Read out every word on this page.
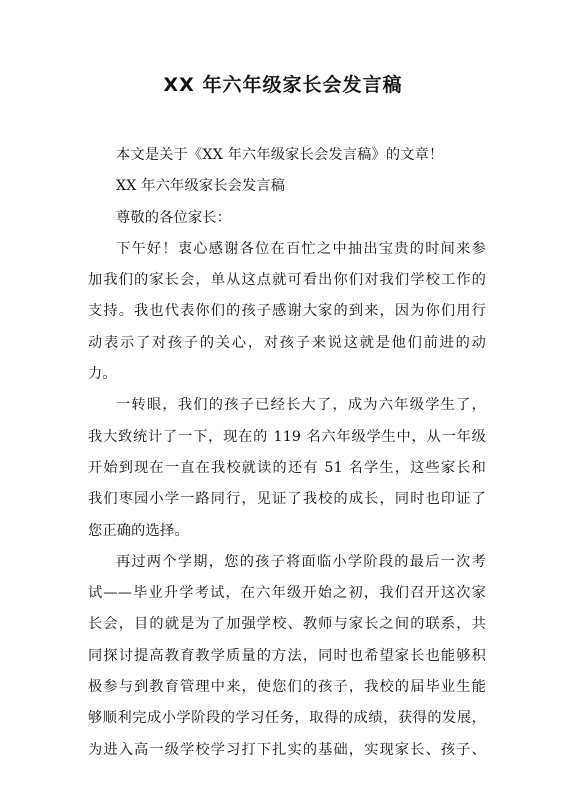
XX 年六年级家长会发言稿
本文是关于《XX 年六年级家长会发言稿》的文章！
XX 年六年级家长会发言稿
尊敬的各位家长：
下午好！衷心感谢各位在百忙之中抽出宝贵的时间来参
加我们的家长会，单从这点就可看出你们对我们学校工作的
支持。我也代表你们的孩子感谢大家的到来，因为你们用行
动表示了对孩子的关心，对孩子来说这就是他们前进的动
力。
一转眼，我们的孩子已经长大了，成为六年级学生了，
我大致统计了一下，现在的 119 名六年级学生中，从一年级
开始到现在一直在我校就读的还有 51 名学生，这些家长和
我们枣园小学一路同行，见证了我校的成长，同时也印证了
您正确的选择。
再过两个学期，您的孩子将面临小学阶段的最后一次考
试——毕业升学考试，在六年级开始之初，我们召开这次家
长会，目的就是为了加强学校、教师与家长之间的联系，共
同探讨提高教育教学质量的方法，同时也希望家长也能够积
极参与到教育管理中来，使您们的孩子，我校的届毕业生能
够顺利完成小学阶段的学习任务，取得的成绩，获得的发展，
为进入高一级学校学习打下扎实的基础，实现家长、孩子、
